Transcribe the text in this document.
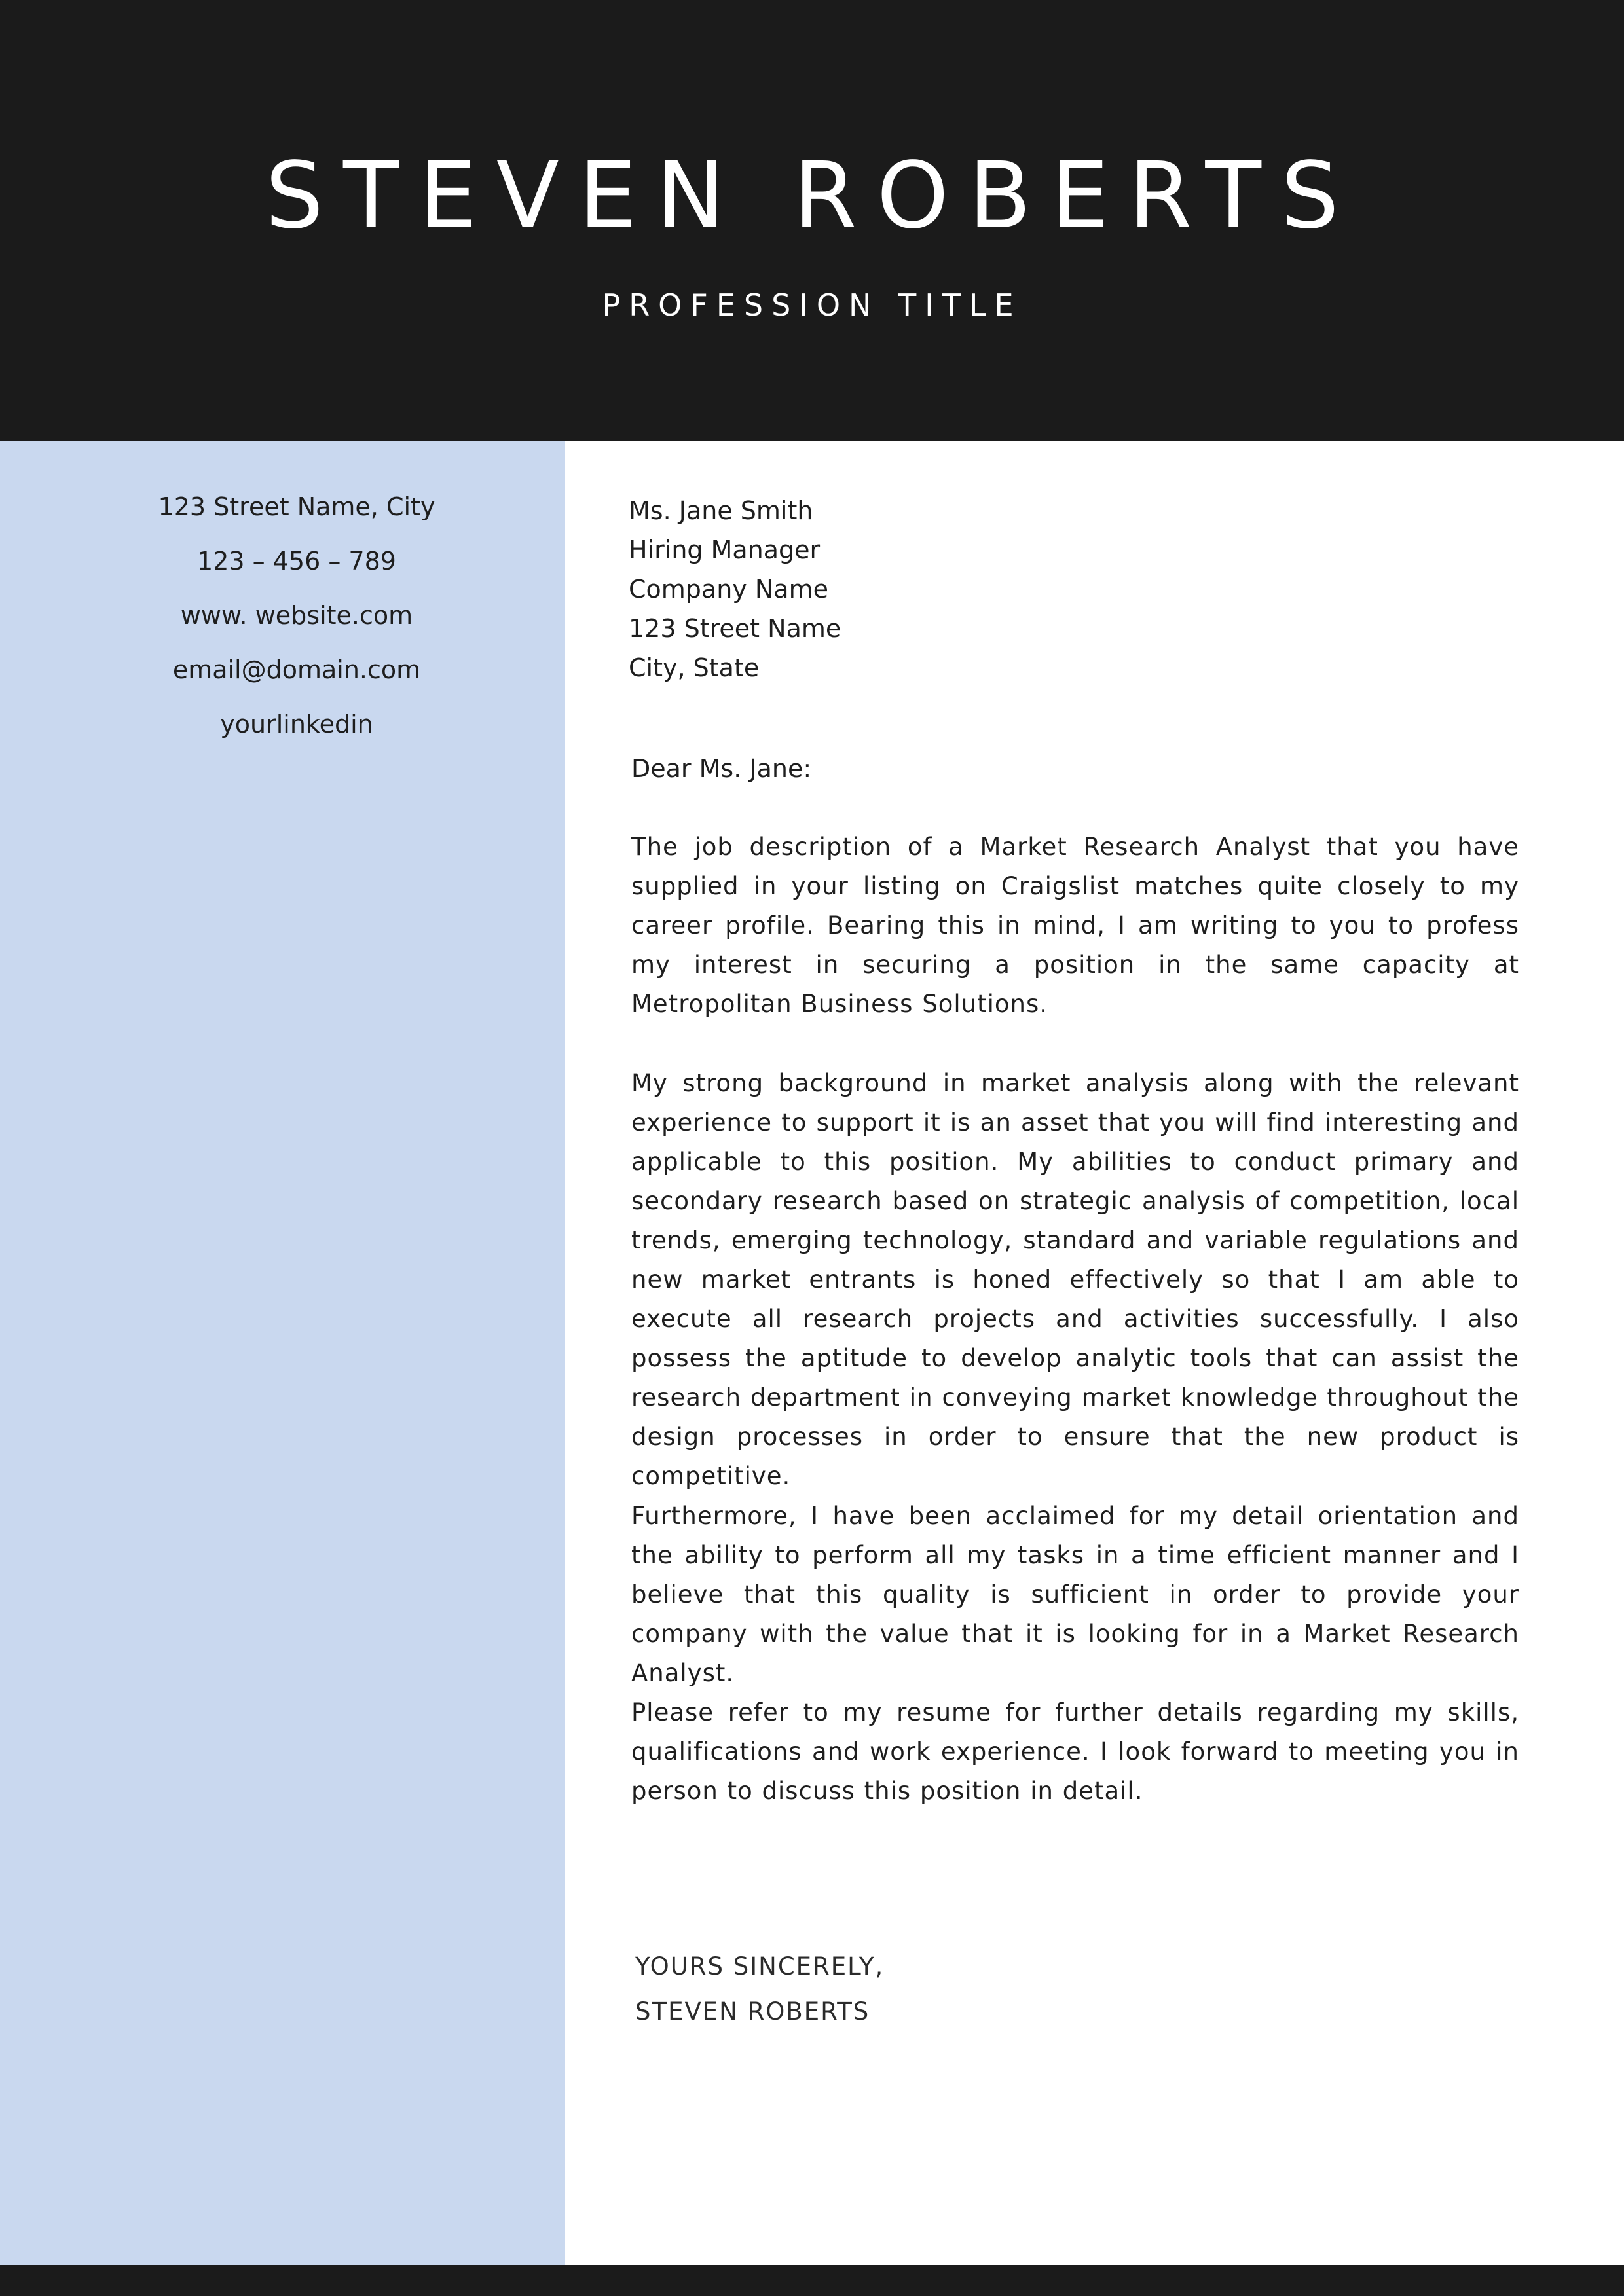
STEVEN ROBERTS
PROFESSION TITLE
123 Street Name, City
123 – 456 – 789
www. website.com
email@domain.com
yourlinkedin
Ms. Jane Smith
Hiring Manager
Company Name
123 Street Name
City, State
Dear Ms. Jane:

The job description of a Market Research Analyst that you have supplied in your listing on Craigslist matches quite closely to my career profile. Bearing this in mind, I am writing to you to profess my interest in securing a position in the same capacity at Metropolitan Business Solutions.

My strong background in market analysis along with the relevant experience to support it is an asset that you will find interesting and applicable to this position. My abilities to conduct primary and secondary research based on strategic analysis of competition, local trends, emerging technology, standard and variable regulations and new market entrants is honed effectively so that I am able to execute all research projects and activities successfully. I also possess the aptitude to develop analytic tools that can assist the research department in conveying market knowledge throughout the design processes in order to ensure that the new product is competitive.

Furthermore, I have been acclaimed for my detail orientation and the ability to perform all my tasks in a time efficient manner and I believe that this quality is sufficient in order to provide your company with the value that it is looking for in a Market Research Analyst.

Please refer to my resume for further details regarding my skills, qualifications and work experience. I look forward to meeting you in person to discuss this position in detail.

YOURS SINCERELY,
STEVEN ROBERTS
